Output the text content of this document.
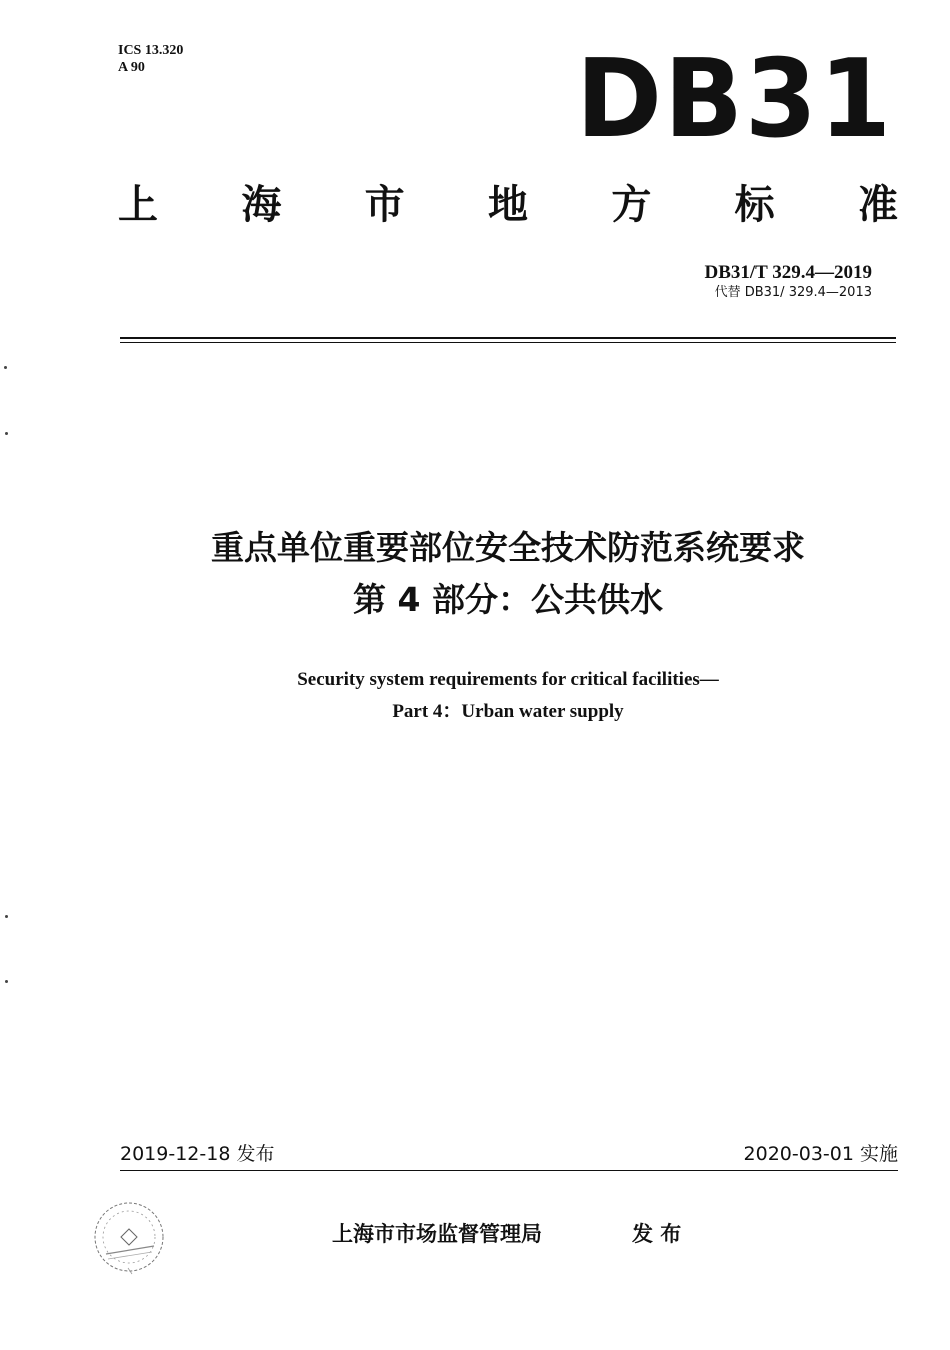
ICS 13.320
A 90	DB31
上 海 市 地 方 标 准
DB31/T 329.4—2019
代替 DB31/ 329.4—2013
重点单位重要部位安全技术防范系统要求
第 4 部分：公共供水
Security system requirements for critical facilities—
Part 4：Urban water supply
2019-12-18 发布	2020-03-01 实施
上海市市场监督管理局	发 布
